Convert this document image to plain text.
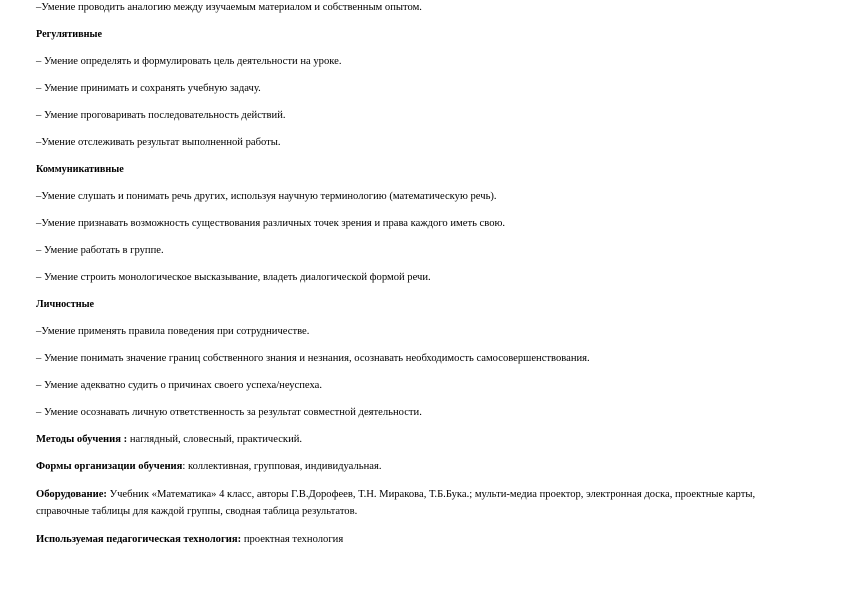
–Умение проводить аналогию между изучаемым материалом и собственным опытом.
Регулятивные
– Умение определять и формулировать цель деятельности на уроке.
– Умение принимать и сохранять учебную задачу.
– Умение проговаривать последовательность действий.
–Умение отслеживать результат выполненной работы.
Коммуникативные
–Умение слушать и понимать речь других, используя научную терминологию (математическую речь).
–Умение признавать возможность существования различных точек зрения и права каждого иметь свою.
– Умение работать в группе.
– Умение строить монологическое высказывание, владеть диалогической формой речи.
Личностные
–Умение применять правила поведения при сотрудничестве.
– Умение понимать значение границ собственного знания и незнания, осознавать необходимость самосовершенствования.
– Умение адекватно судить о причинах своего успеха/неуспеха.
– Умение осознавать личную ответственность за результат совместной деятельности.
Методы обучения : наглядный, словесный, практический.
Формы организации обучения: коллективная, групповая, индивидуальная.
Оборудование: Учебник «Математика» 4 класс, авторы Г.В.Дорофеев, Т.Н. Миракова, Т.Б.Бука.; мульти-медиа проектор, электронная доска, проектные карты, справочные таблицы для каждой группы, сводная таблица результатов.
Используемая педагогическая технология: проектная технология
